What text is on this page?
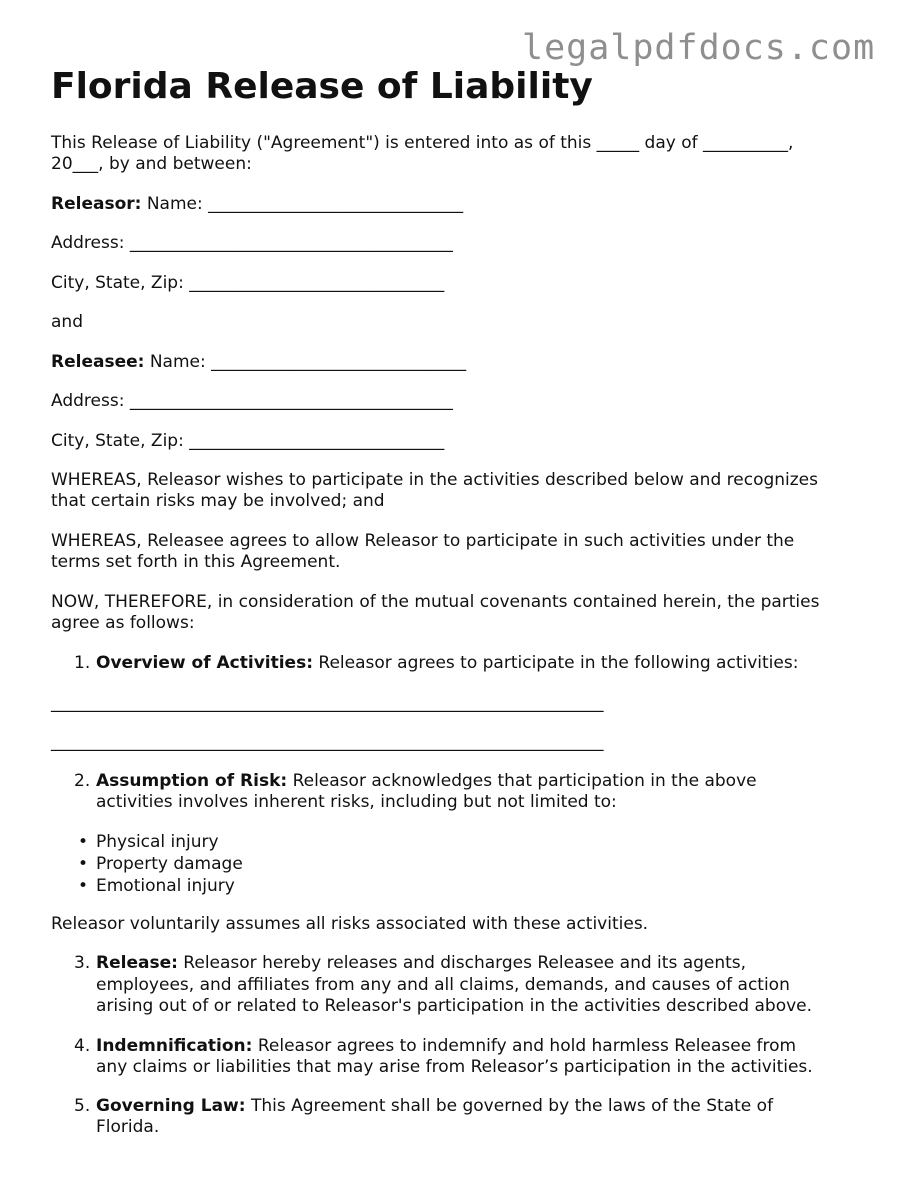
legalpdfdocs.com
Florida Release of Liability

This Release of Liability ("Agreement") is entered into as of this _____ day of __________,

20___, by and between:

Releasor: Name: ______________________________

Address: ______________________________________

City, State, Zip: ______________________________

and

Releasee: Name: ______________________________

Address: ______________________________________

City, State, Zip: ______________________________

WHEREAS, Releasor wishes to participate in the activities described below and recognizes

that certain risks may be involved; and

WHEREAS, Releasee agrees to allow Releasor to participate in such activities under the

terms set forth in this Agreement.

NOW, THEREFORE, in consideration of the mutual covenants contained herein, the parties

agree as follows:

1. Overview of Activities: Releasor agrees to participate in the following activities:

_________________________________________________________________

_________________________________________________________________

2. Assumption of Risk: Releasor acknowledges that participation in the above

activities involves inherent risks, including but not limited to:

• Physical injury

• Property damage

• Emotional injury

Releasor voluntarily assumes all risks associated with these activities.

3. Release: Releasor hereby releases and discharges Releasee and its agents,

employees, and affiliates from any and all claims, demands, and causes of action

arising out of or related to Releasor's participation in the activities described above.

4. Indemnification: Releasor agrees to indemnify and hold harmless Releasee from

any claims or liabilities that may arise from Releasor’s participation in the activities.

5. Governing Law: This Agreement shall be governed by the laws of the State of

Florida.
